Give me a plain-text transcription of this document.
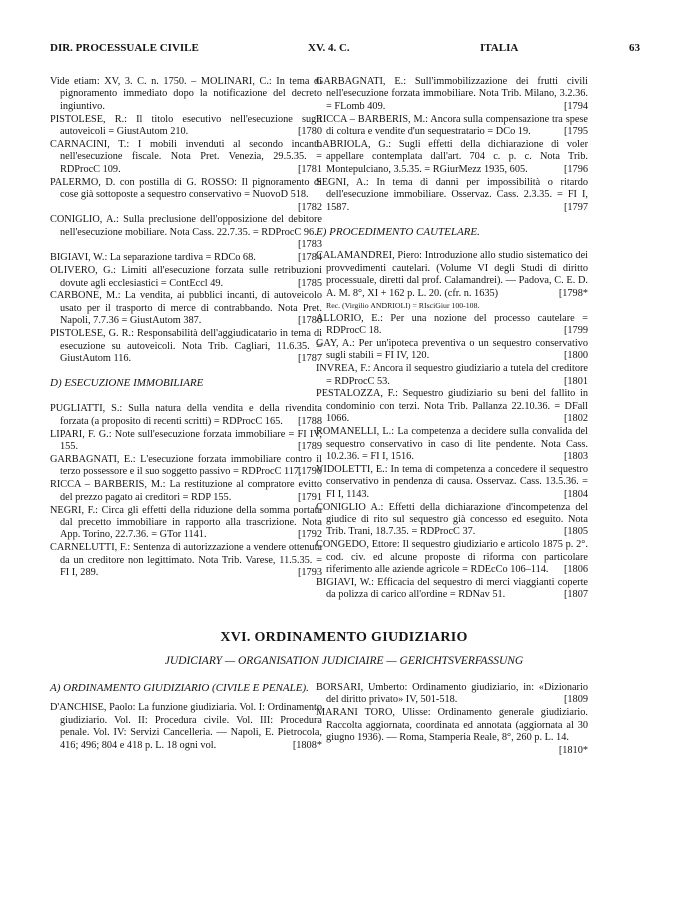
DIR. PROCESSUALE CIVILE	XV. 4. C.	ITALIA	63

Vide etiam: XV, 3. C. n. 1750. – MOLINARI, C.: In tema di pignoramento immediato dopo la notificazione del decreto ingiuntivo.

PISTOLESE, R.: Il titolo esecutivo nell'esecuzione sugli autoveicoli = GiustAutom 210.	[1780

CARNACINI, T.: I mobili invenduti al secondo incanto nell'esecuzione fiscale. Nota Pret. Venezia, 29.5.35. = RDProcC 109.	[1781

PALERMO, D. con postilla di G. ROSSO: Il pignoramento di cose già sottoposte a sequestro conservativo = NuovoD 518.
[1782

CONIGLIO, A.: Sulla preclusione dell'opposizione del debitore nell'esecuzione mobiliare. Nota Cass. 22.7.35. = RDProcC 96.
[1783

BIGIAVI, W.: La separazione tardiva = RDCo 68.	[1784

OLIVERO, G.: Limiti all'esecuzione forzata sulle retribuzioni dovute agli ecclesiastici = ContEccl 49.	[1785

CARBONE, M.: La vendita, ai pubblici incanti, di autoveicolo usato per il trasporto di merce di contrabbando. Nota Pret. Napoli, 7.7.36 = GiustAutom 387.	[1786

PISTOLESE, G. R.: Responsabilità dell'aggiudicatario in tema di esecuzione su autoveicoli. Nota Trib. Cagliari, 11.6.35. = GiustAutom 116.	[1787

D) ESECUZIONE IMMOBILIARE

PUGLIATTI, S.: Sulla natura della vendita e della rivendita forzata (a proposito di recenti scritti) = RDProcC 165. [1788

LIPARI, F. G.: Note sull'esecuzione forzata immobiliare = FI IV, 155.	[1789

GARBAGNATI, E.: L'esecuzione forzata immobiliare contro il terzo possessore e il suo soggetto passivo = RDProcC 117.
[1790

RICCA – BARBERIS, M.: La restituzione al compratore evitto del prezzo pagato ai creditori = RDP 155.	[1791

NEGRI, F.: Circa gli effetti della riduzione della somma portata dal precetto immobiliare in rapporto alla trascrizione. Nota App. Torino, 22.7.36. = GTor 1141.	[1792

CARNELUTTI, F.: Sentenza di autorizzazione a vendere ottenuta da un creditore non legittimato. Nota Trib. Varese, 11.5.35. = FI I, 289.	[1793

GARBAGNATI, E.: Sull'immobilizzazione dei frutti civili nell'esecuzione forzata immobiliare. Nota Trib. Milano, 3.2.36. = FLomb 409.	[1794

RICCA – BARBERIS, M.: Ancora sulla compensazione tra spese di coltura e vendite d'un sequestratario = DCo 19.	[1795

LABRIOLA, G.: Sugli effetti della dichiarazione di voler appellare contemplata dall'art. 704 c. p. c. Nota Trib. Montepulciano, 3.5.35. = RGiurMezz 1935, 605.	[1796

SEGNI, A.: In tema di danni per impossibilità o ritardo dell'esecuzione immobiliare. Osservaz. Cass. 2.3.35. = FI I, 1587.	[1797

E) PROCEDIMENTO CAUTELARE.

CALAMANDREI, Piero: Introduzione allo studio sistematico dei provvedimenti cautelari. (Volume VI degli Studi di diritto processuale, diretti dal prof. Calamandrei). — Padova, C. E. D. A. M. 8°, XI + 162 p. L. 20. (cfr. n. 1635)	[1798*

Rec. (Virgilio ANDRIOLI) = RIsciGiur 100-108.

ALLORIO, E.: Per una nozione del processo cautelare = RDProcC 18.	[1799

GAY, A.: Per un'ipoteca preventiva o un sequestro conservativo sugli stabili = FI IV, 120.	[1800

INVREA, F.: Ancora il sequestro giudiziario a tutela del creditore = RDProcC 53.	[1801

PESTALOZZA, F.: Sequestro giudiziario su beni del fallito in condominio con terzi. Nota Trib. Pallanza 22.10.36. = DFall 1066.	[1802

ROMANELLI, L.: La competenza a decidere sulla convalida del sequestro conservativo in caso di lite pendente. Nota Cass. 10.2.36. = FI I, 1516.	[1803

VIDOLETTI, E.: In tema di competenza a concedere il sequestro conservativo in pendenza di causa. Osservaz. Cass. 13.5.36. = FI I, 1143.	[1804

CONIGLIO A.: Effetti della dichiarazione d'incompetenza del giudice di rito sul sequestro già concesso ed eseguito. Nota Trib. Trani, 18.7.35. = RDProcC 37.	[1805

CONGEDO, Ettore: Il sequestro giudiziario e articolo 1875 p. 2°. cod. civ. ed alcune proposte di riforma con particolare riferimento alle aziende agricole = RDEcCo 106–114. [1806

BIGIAVI, W.: Efficacia del sequestro di merci viaggianti coperte da polizza di carico all'ordine = RDNav 51.	[1807

XVI. ORDINAMENTO GIUDIZIARIO
JUDICIARY — ORGANISATION JUDICIAIRE — GERICHTSVERFASSUNG

A) ORDINAMENTO GIUDIZIARIO (CIVILE E PENALE).

D'ANCHISE, Paolo: La funzione giudiziaria. Vol. I: Ordinamento giudiziario. Vol. II: Procedura civile. Vol. III: Procedura penale. Vol. IV: Servizi Cancelleria. — Napoli, E. Pietrocola, 416; 496; 804 e 418 p. L. 18 ogni vol.	[1808*

BORSARI, Umberto: Ordinamento giudiziario, in: «Dizionario del diritto privato» IV, 501-518.	[1809

MARANI TORO, Ulisse: Ordinamento generale giudiziario. Raccolta aggiornata, coordinata ed annotata (aggiornata al 30 giugno 1936). — Roma, Stamperia Reale, 8°, 260 p. L. 14.
[1810*
